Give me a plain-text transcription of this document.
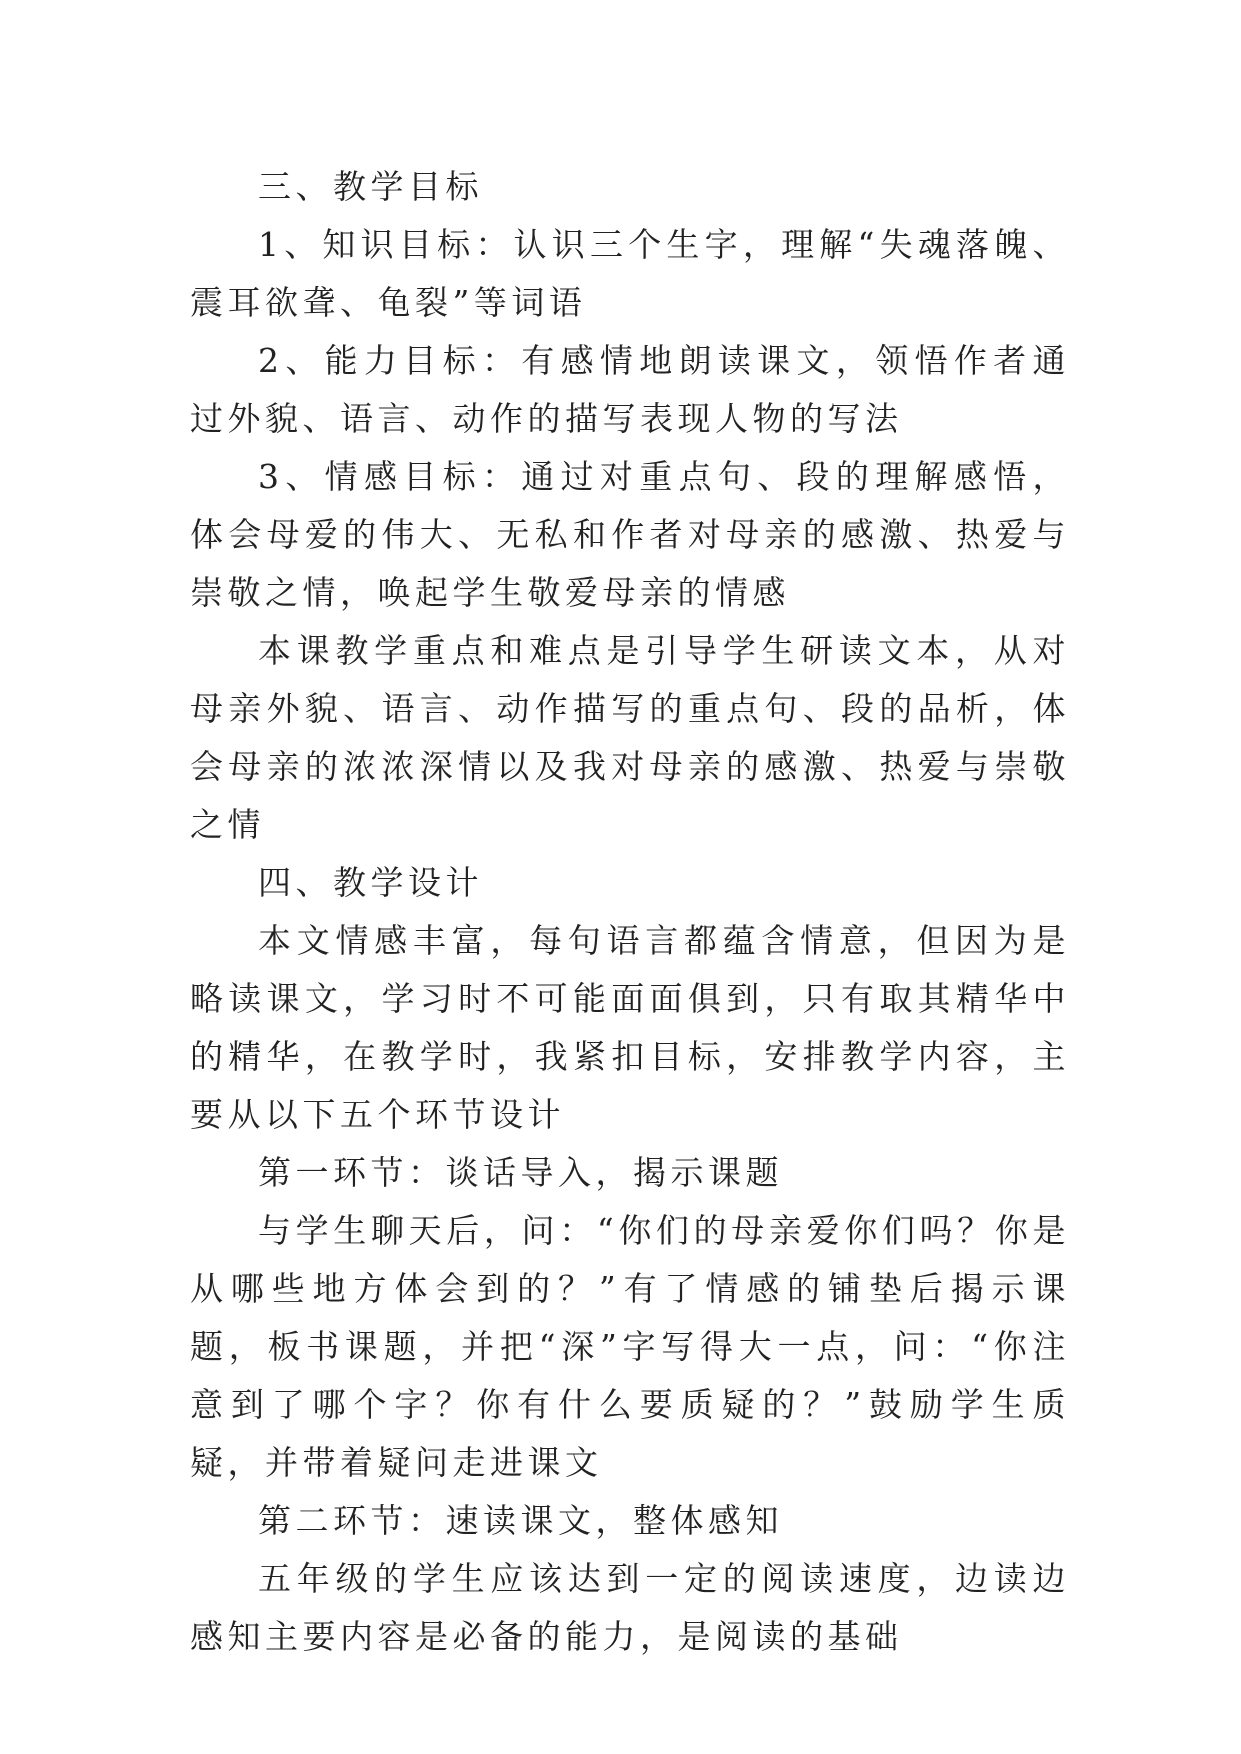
三、教学目标

1、知识目标：认识三个生字，理解“失魂落魄、震耳欲聋、龟裂”等词语

2、能力目标：有感情地朗读课文，领悟作者通过外貌、语言、动作的描写表现人物的写法

3、情感目标：通过对重点句、段的理解感悟，体会母爱的伟大、无私和作者对母亲的感激、热爱与崇敬之情，唤起学生敬爱母亲的情感

本课教学重点和难点是引导学生研读文本，从对母亲外貌、语言、动作描写的重点句、段的品析，体会母亲的浓浓深情以及我对母亲的感激、热爱与崇敬之情

四、教学设计

本文情感丰富，每句语言都蕴含情意，但因为是略读课文，学习时不可能面面俱到，只有取其精华中的精华，在教学时，我紧扣目标，安排教学内容，主要从以下五个环节设计

第一环节：谈话导入，揭示课题

与学生聊天后，问：“你们的母亲爱你们吗？你是从哪些地方体会到的？”有了情感的铺垫后揭示课题，板书课题，并把“深”字写得大一点，问：“你注意到了哪个字？你有什么要质疑的？”鼓励学生质疑，并带着疑问走进课文

第二环节：速读课文，整体感知

五年级的学生应该达到一定的阅读速度，边读边感知主要内容是必备的能力，是阅读的基础
